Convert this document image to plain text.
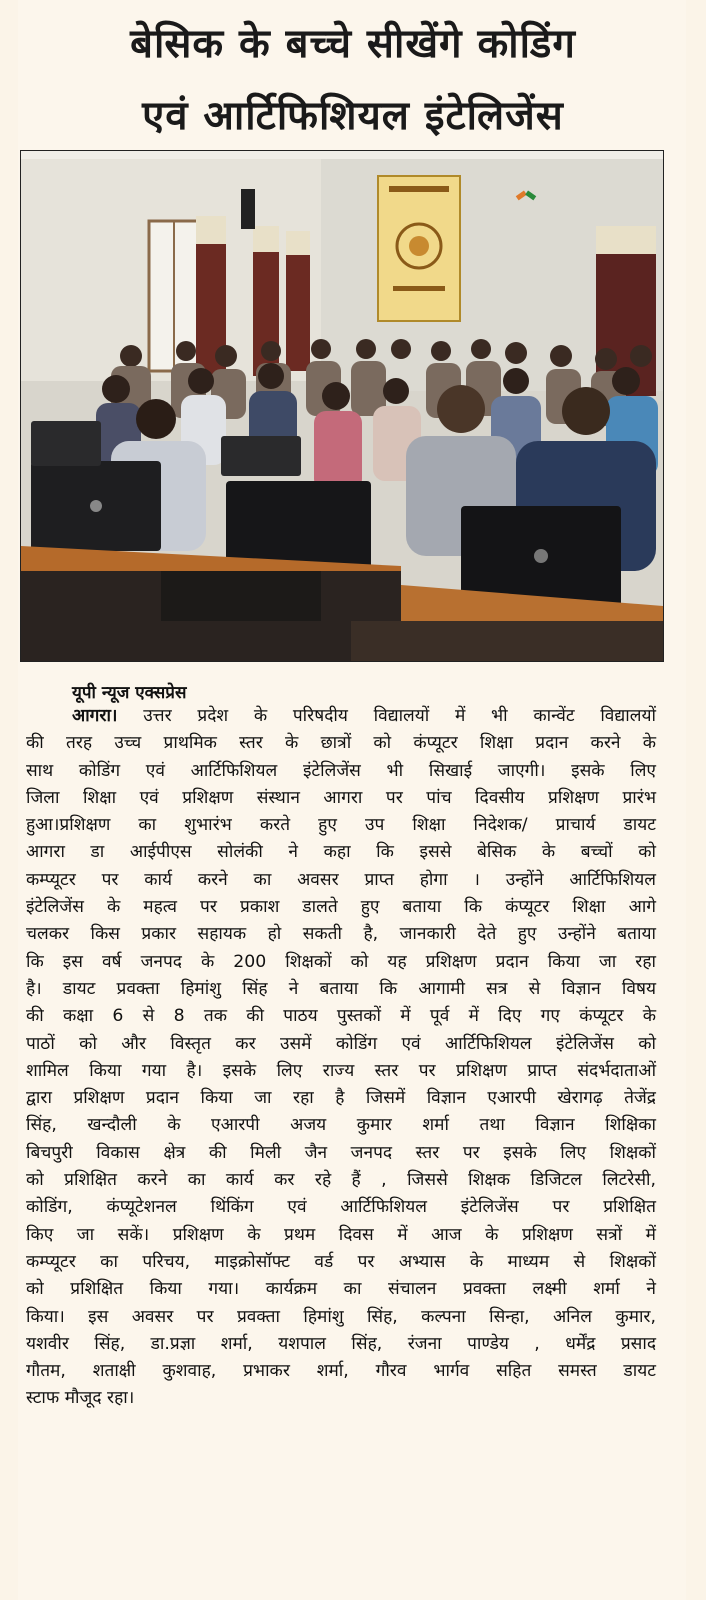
बेसिक के बच्चे सीखेंगे कोडिंग
एवं आर्टिफिशियल इंटेलिजेंस
यूपी न्यूज एक्सप्रेस
आगरा। उत्तर प्रदेश के परिषदीय विद्यालयों में भी कान्वेंट विद्यालयों
की तरह उच्च प्राथमिक स्तर के छात्रों को कंप्यूटर शिक्षा प्रदान करने के
साथ कोडिंग एवं आर्टिफिशियल इंटेलिजेंस भी सिखाई जाएगी। इसके लिए
जिला शिक्षा एवं प्रशिक्षण संस्थान आगरा पर पांच दिवसीय प्रशिक्षण प्रारंभ
हुआ।प्रशिक्षण का शुभारंभ करते हुए उप शिक्षा निदेशक/ प्राचार्य डायट
आगरा डा आईपीएस सोलंकी ने कहा कि इससे बेसिक के बच्चों को
कम्प्यूटर पर कार्य करने का अवसर प्राप्त होगा । उन्होंने आर्टिफिशियल
इंटेलिजेंस के महत्व पर प्रकाश डालते हुए बताया कि कंप्यूटर शिक्षा आगे
चलकर किस प्रकार सहायक हो सकती है, जानकारी देते हुए उन्होंने बताया
कि इस वर्ष जनपद के 200 शिक्षकों को यह प्रशिक्षण प्रदान किया जा रहा
है। डायट प्रवक्ता हिमांशु सिंह ने बताया कि आगामी सत्र से विज्ञान विषय
की कक्षा 6 से 8 तक की पाठय पुस्तकों में पूर्व में दिए गए कंप्यूटर के
पाठों को और विस्तृत कर उसमें कोडिंग एवं आर्टिफिशियल इंटेलिजेंस को
शामिल किया गया है। इसके लिए राज्य स्तर पर प्रशिक्षण प्राप्त संदर्भदाताओं
द्वारा प्रशिक्षण प्रदान किया जा रहा है जिसमें विज्ञान एआरपी खेरागढ़ तेजेंद्र
सिंह, खन्दौली के एआरपी अजय कुमार शर्मा तथा विज्ञान शिक्षिका
बिचपुरी विकास क्षेत्र की मिली जैन जनपद स्तर पर इसके लिए शिक्षकों
को प्रशिक्षित करने का कार्य कर रहे हैं , जिससे शिक्षक डिजिटल लिटरेसी,
कोडिंग, कंप्यूटेशनल थिंकिंग एवं आर्टिफिशियल इंटेलिजेंस पर प्रशिक्षित
किए जा सकें। प्रशिक्षण के प्रथम दिवस में आज के प्रशिक्षण सत्रों में
कम्प्यूटर का परिचय, माइक्रोसॉफ्ट वर्ड पर अभ्यास के माध्यम से शिक्षकों
को प्रशिक्षित किया गया। कार्यक्रम का संचालन प्रवक्ता लक्ष्मी शर्मा ने
किया। इस अवसर पर प्रवक्ता हिमांशु सिंह, कल्पना सिन्हा, अनिल कुमार,
यशवीर सिंह, डा.प्रज्ञा शर्मा, यशपाल सिंह, रंजना पाण्डेय , धर्मेंद्र प्रसाद
गौतम, शताक्षी कुशवाह, प्रभाकर शर्मा, गौरव भार्गव सहित समस्त डायट
स्टाफ मौजूद रहा।
